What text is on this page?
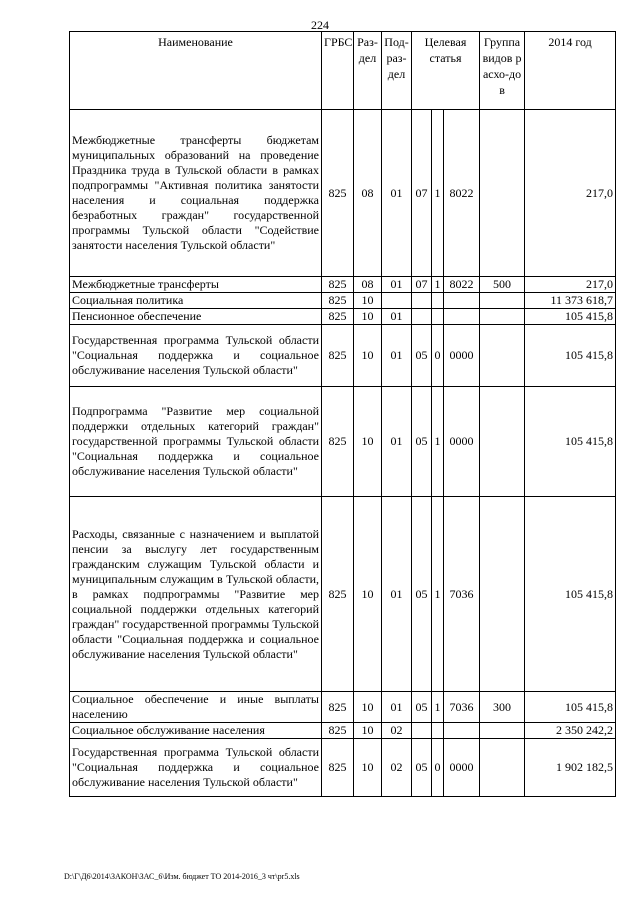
224
Наименование	ГРБС	Раз-дел	Под-раз-дел	Целевая статья			Группа видов расхо-дов	2014 год
Межбюджетные трансферты бюджетам муниципальных образований на проведение Праздника труда в Тульской области в рамках подпрограммы "Активная политика занятости населения и социальная поддержка безработных граждан" государственной программы Тульской области "Содействие занятости населения Тульской области"	825	08	01	07	1	8022		217,0
Межбюджетные трансферты	825	08	01	07	1	8022	500	217,0
Социальная политика	825	10						11 373 618,7
Пенсионное обеспечение	825	10	01					105 415,8
Государственная программа Тульской области "Социальная поддержка и социальное обслуживание населения Тульской области"	825	10	01	05	0	0000		105 415,8
Подпрограмма "Развитие мер социальной поддержки отдельных категорий граждан" государственной программы Тульской области "Социальная поддержка и социальное обслуживание населения Тульской области"	825	10	01	05	1	0000		105 415,8
Расходы, связанные с назначением и выплатой пенсии за выслугу лет государственным гражданским служащим Тульской области и муниципальным служащим в Тульской области, в рамках подпрограммы "Развитие мер социальной поддержки отдельных категорий граждан" государственной программы Тульской области "Социальная поддержка и социальное обслуживание населения Тульской области"	825	10	01	05	1	7036		105 415,8
Социальное обеспечение и иные выплаты населению	825	10	01	05	1	7036	300	105 415,8
Социальное обслуживание населения	825	10	02					2 350 242,2
Государственная программа Тульской области "Социальная поддержка и социальное обслуживание населения Тульской области"	825	10	02	05	0	0000		1 902 182,5
D:\Г\Д6\2014\ЗАКОН\ЗАС_6\Изм. бюджет ТО 2014-2016_3 чт\pr5.xls
